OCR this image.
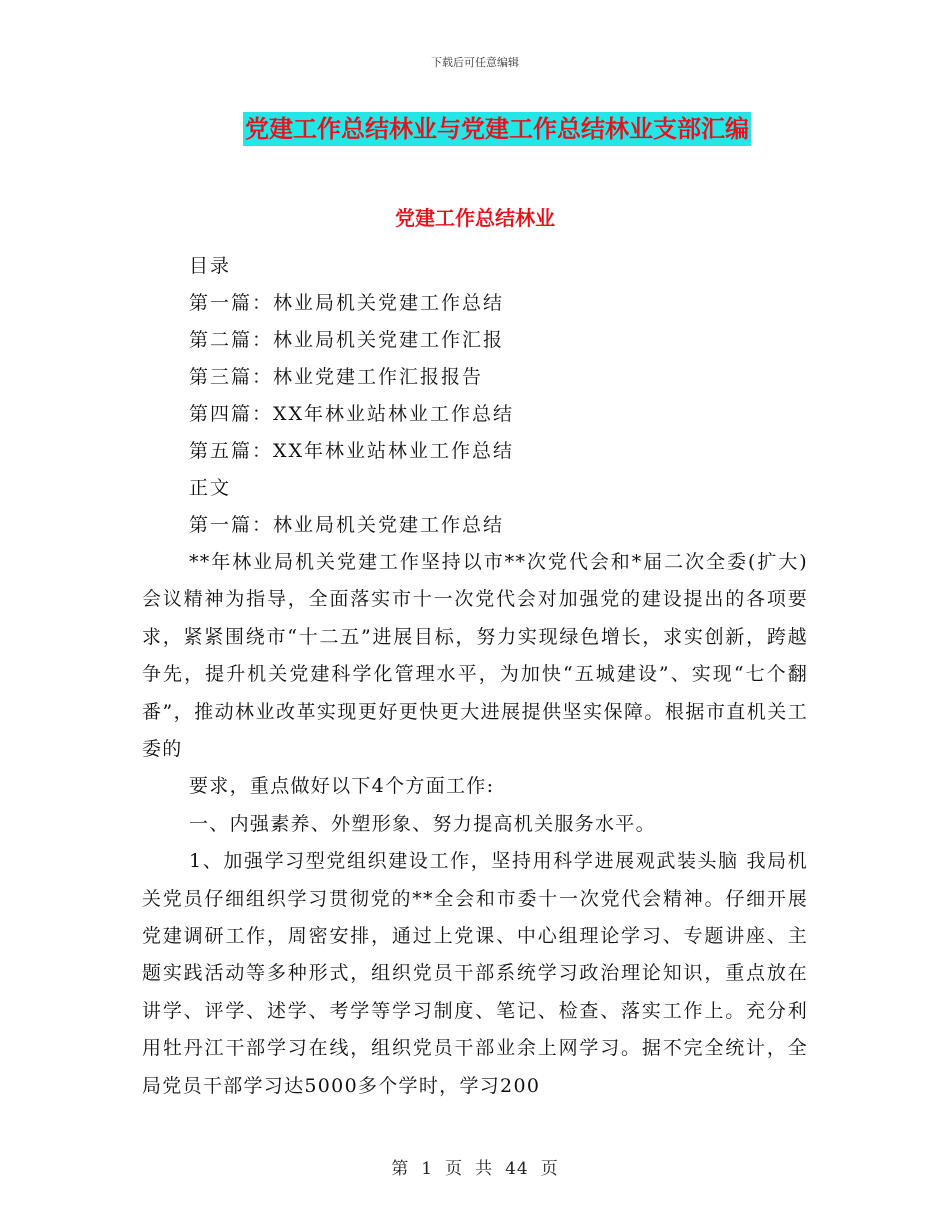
下载后可任意编辑
党建工作总结林业与党建工作总结林业支部汇编
党建工作总结林业
目录
第一篇：林业局机关党建工作总结
第二篇：林业局机关党建工作汇报
第三篇：林业党建工作汇报报告
第四篇：XX年林业站林业工作总结
第五篇：XX年林业站林业工作总结
正文
第一篇：林业局机关党建工作总结

**年林业局机关党建工作坚持以市**次党代会和*届二次全委(扩大)会议精神为指导，全面落实市十一次党代会对加强党的建设提出的各项要求，紧紧围绕市“十二五”进展目标，努力实现绿色增长，求实创新，跨越争先，提升机关党建科学化管理水平，为加快“五城建设”、实现“七个翻番”，推动林业改革实现更好更快更大进展提供坚实保障。根据市直机关工委的

要求，重点做好以下4个方面工作:

一、内强素养、外塑形象、努力提高机关服务水平。

1、加强学习型党组织建设工作，坚持用科学进展观武装头脑 我局机关党员仔细组织学习贯彻党的**全会和市委十一次党代会精神。仔细开展党建调研工作，周密安排，通过上党课、中心组理论学习、专题讲座、主题实践活动等多种形式，组织党员干部系统学习政治理论知识，重点放在讲学、评学、述学、考学等学习制度、笔记、检查、落实工作上。充分利用牡丹江干部学习在线，组织党员干部业余上网学习。据不完全统计，全局党员干部学习达5000多个学时，学习200

第 1 页 共 44 页
